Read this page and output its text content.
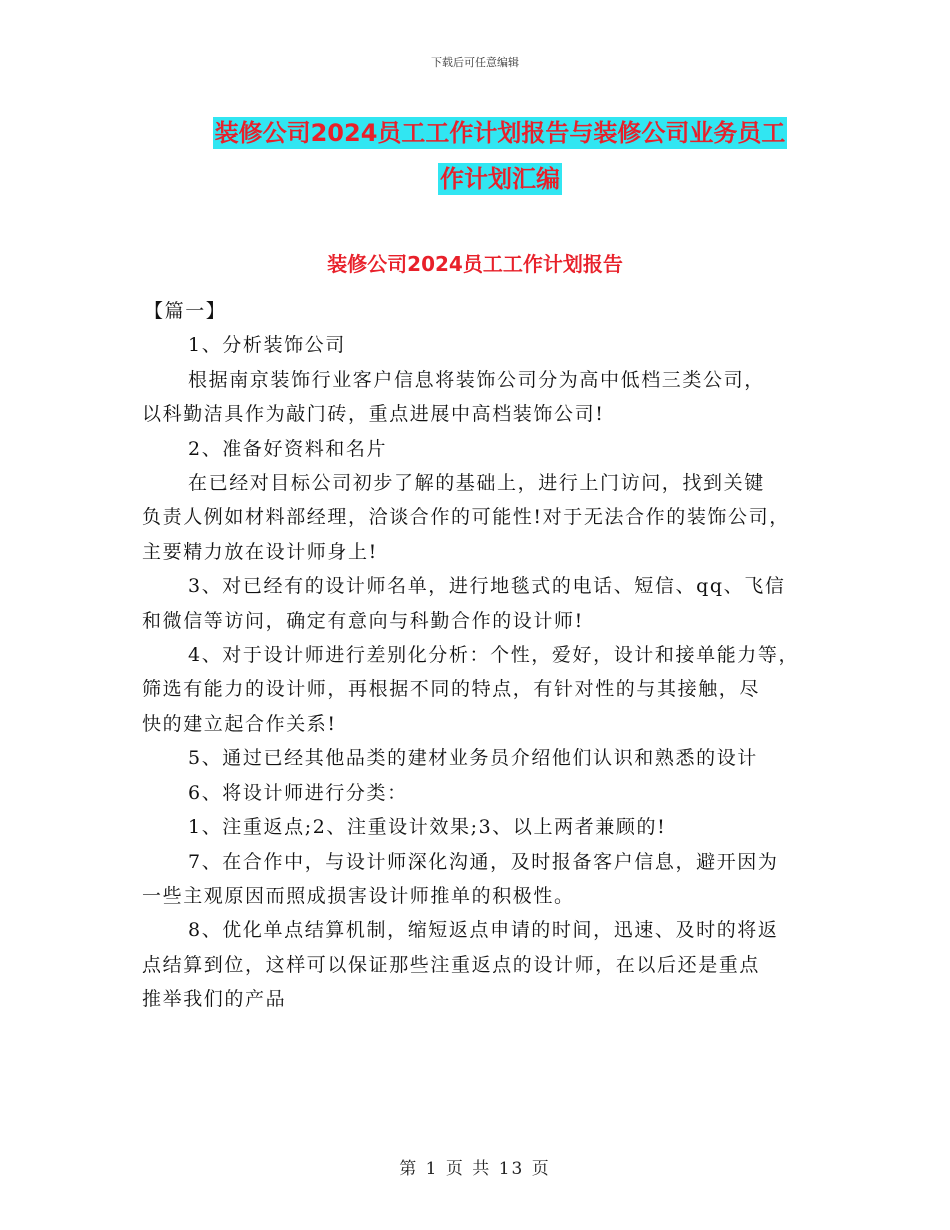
下载后可任意编辑
装修公司2024员工工作计划报告与装修公司业务员工
作计划汇编
装修公司2024员工工作计划报告

【篇一】

1、分析装饰公司

根据南京装饰行业客户信息将装饰公司分为高中低档三类公司，
以科勤洁具作为敲门砖，重点进展中高档装饰公司!

2、准备好资料和名片

在已经对目标公司初步了解的基础上，进行上门访问，找到关键
负责人例如材料部经理，洽谈合作的可能性!对于无法合作的装饰公司，
主要精力放在设计师身上!

3、对已经有的设计师名单，进行地毯式的电话、短信、qq、飞信
和微信等访问，确定有意向与科勤合作的设计师!

4、对于设计师进行差别化分析：个性，爱好，设计和接单能力等，
筛选有能力的设计师，再根据不同的特点，有针对性的与其接触，尽
快的建立起合作关系!

5、通过已经其他品类的建材业务员介绍他们认识和熟悉的设计

6、将设计师进行分类：

1、注重返点;2、注重设计效果;3、以上两者兼顾的!

7、在合作中，与设计师深化沟通，及时报备客户信息，避开因为
一些主观原因而照成损害设计师推单的积极性。

8、优化单点结算机制，缩短返点申请的时间，迅速、及时的将返
点结算到位，这样可以保证那些注重返点的设计师，在以后还是重点
推举我们的产品

第 1 页 共 13 页
